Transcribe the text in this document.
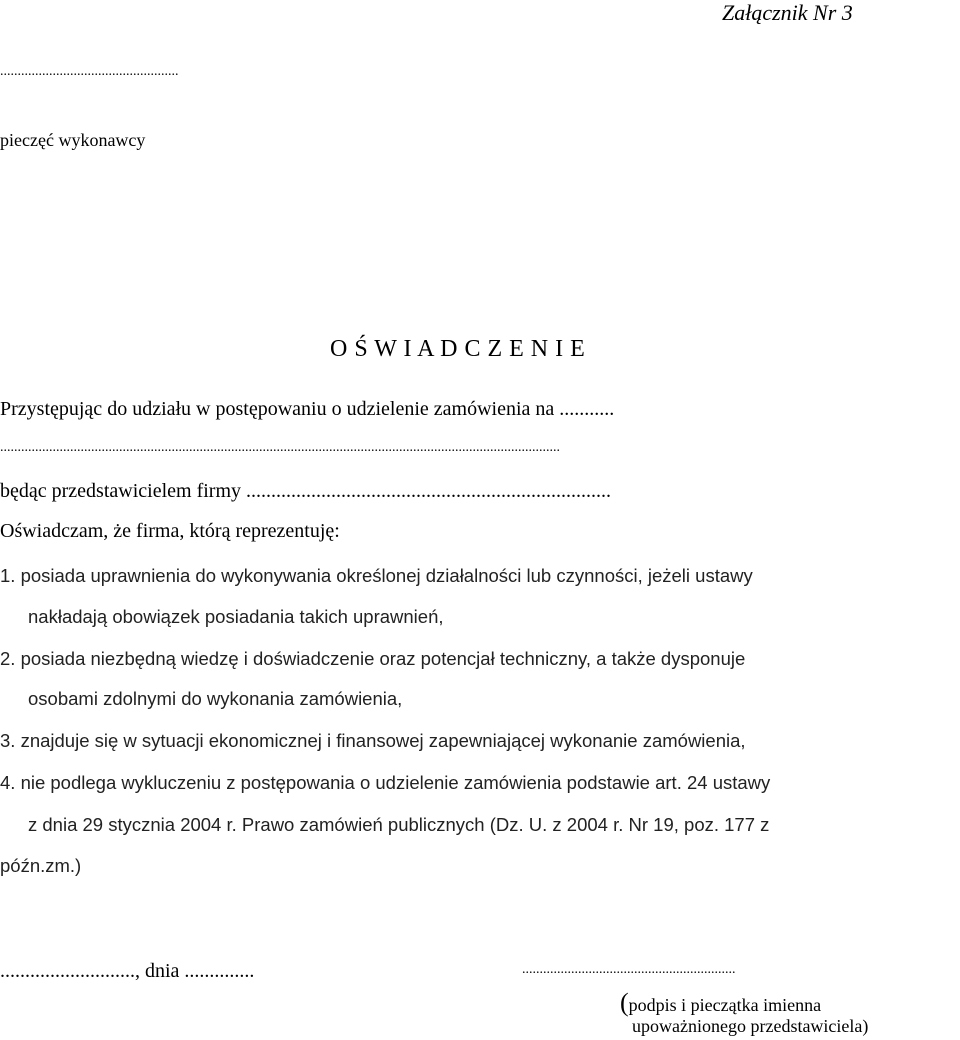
Załącznik Nr 3
...................................................
pieczęć wykonawcy
O Ś W I A D C Z E N I E
Przystępując do udziału w postępowaniu o udzielenie zamówienia na ...........
................................................................................................................................................................
będąc przedstawicielem firmy .........................................................................
Oświadczam, że firma, którą reprezentuję:
1. posiada uprawnienia do wykonywania określonej działalności lub czynności, jeżeli ustawy
nakładają obowiązek posiadania takich uprawnień,
2. posiada niezbędną wiedzę i doświadczenie oraz potencjał techniczny, a także dysponuje
osobami zdolnymi do wykonania zamówienia,
3. znajduje się w sytuacji ekonomicznej i finansowej zapewniającej wykonanie zamówienia,
4. nie podlega wykluczeniu z postępowania o udzielenie zamówienia podstawie art. 24 ustawy
z dnia 29 stycznia 2004 r. Prawo zamówień publicznych (Dz. U. z 2004 r. Nr 19, poz. 177 z
późn.zm.)
..........................., dnia ..............	.............................................................
(podpis i pieczątka imienna
upoważnionego przedstawiciela)
